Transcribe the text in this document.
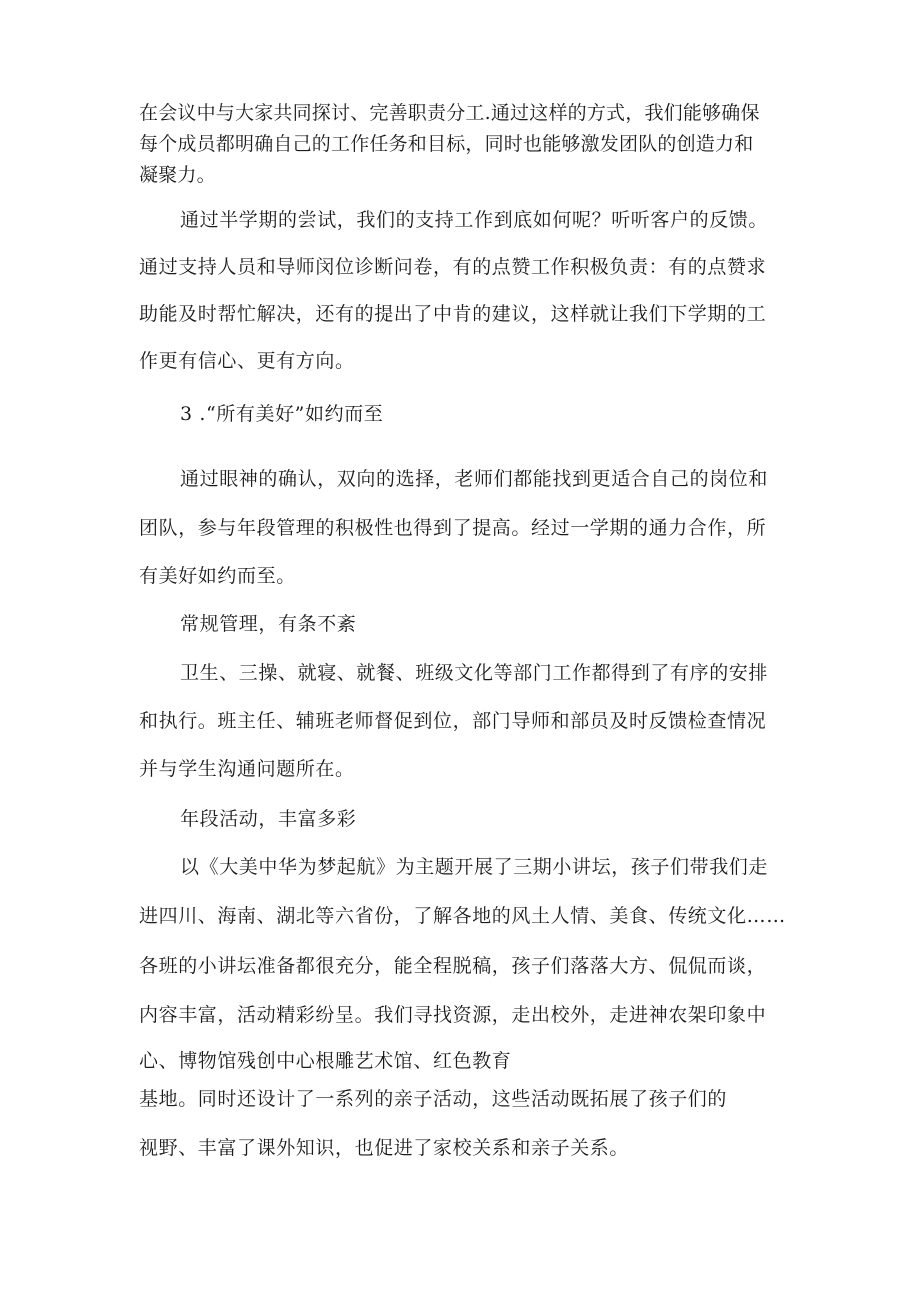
在会议中与大家共同探讨、完善职责分工.通过这样的方式，我们能够确保
每个成员都明确自己的工作任务和目标，同时也能够激发团队的创造力和
凝聚力。
通过半学期的尝试，我们的支持工作到底如何呢？听听客户的反馈。
通过支持人员和导师闵位诊断问卷，有的点赞工作积极负责：有的点赞求
助能及时帮忙解决，还有的提出了中肯的建议，这样就让我们下学期的工
作更有信心、更有方向。
3 .“所有美好”如约而至
通过眼神的确认，双向的选择，老师们都能找到更适合自己的岗位和
团队，参与年段管理的积极性也得到了提高。经过一学期的通力合作，所
有美好如约而至。
常规管理，有条不紊
卫生、三操、就寝、就餐、班级文化等部门工作都得到了有序的安排
和执行。班主任、辅班老师督促到位，部门导师和部员及时反馈检查情况
并与学生沟通问题所在。
年段活动，丰富多彩
以《大美中华为梦起航》为主题开展了三期小讲坛，孩子们带我们走
进四川、海南、湖北等六省份，了解各地的风土人情、美食、传统文化……
各班的小讲坛准备都很充分，能全程脱稿，孩子们落落大方、侃侃而谈，
内容丰富，活动精彩纷呈。我们寻找资源，走出校外，走进神农架印象中
心、博物馆残创中心根雕艺术馆、红色教育
基地。同时还设计了一系列的亲子活动，这些活动既拓展了孩子们的
视野、丰富了课外知识，也促进了家校关系和亲子关系。
